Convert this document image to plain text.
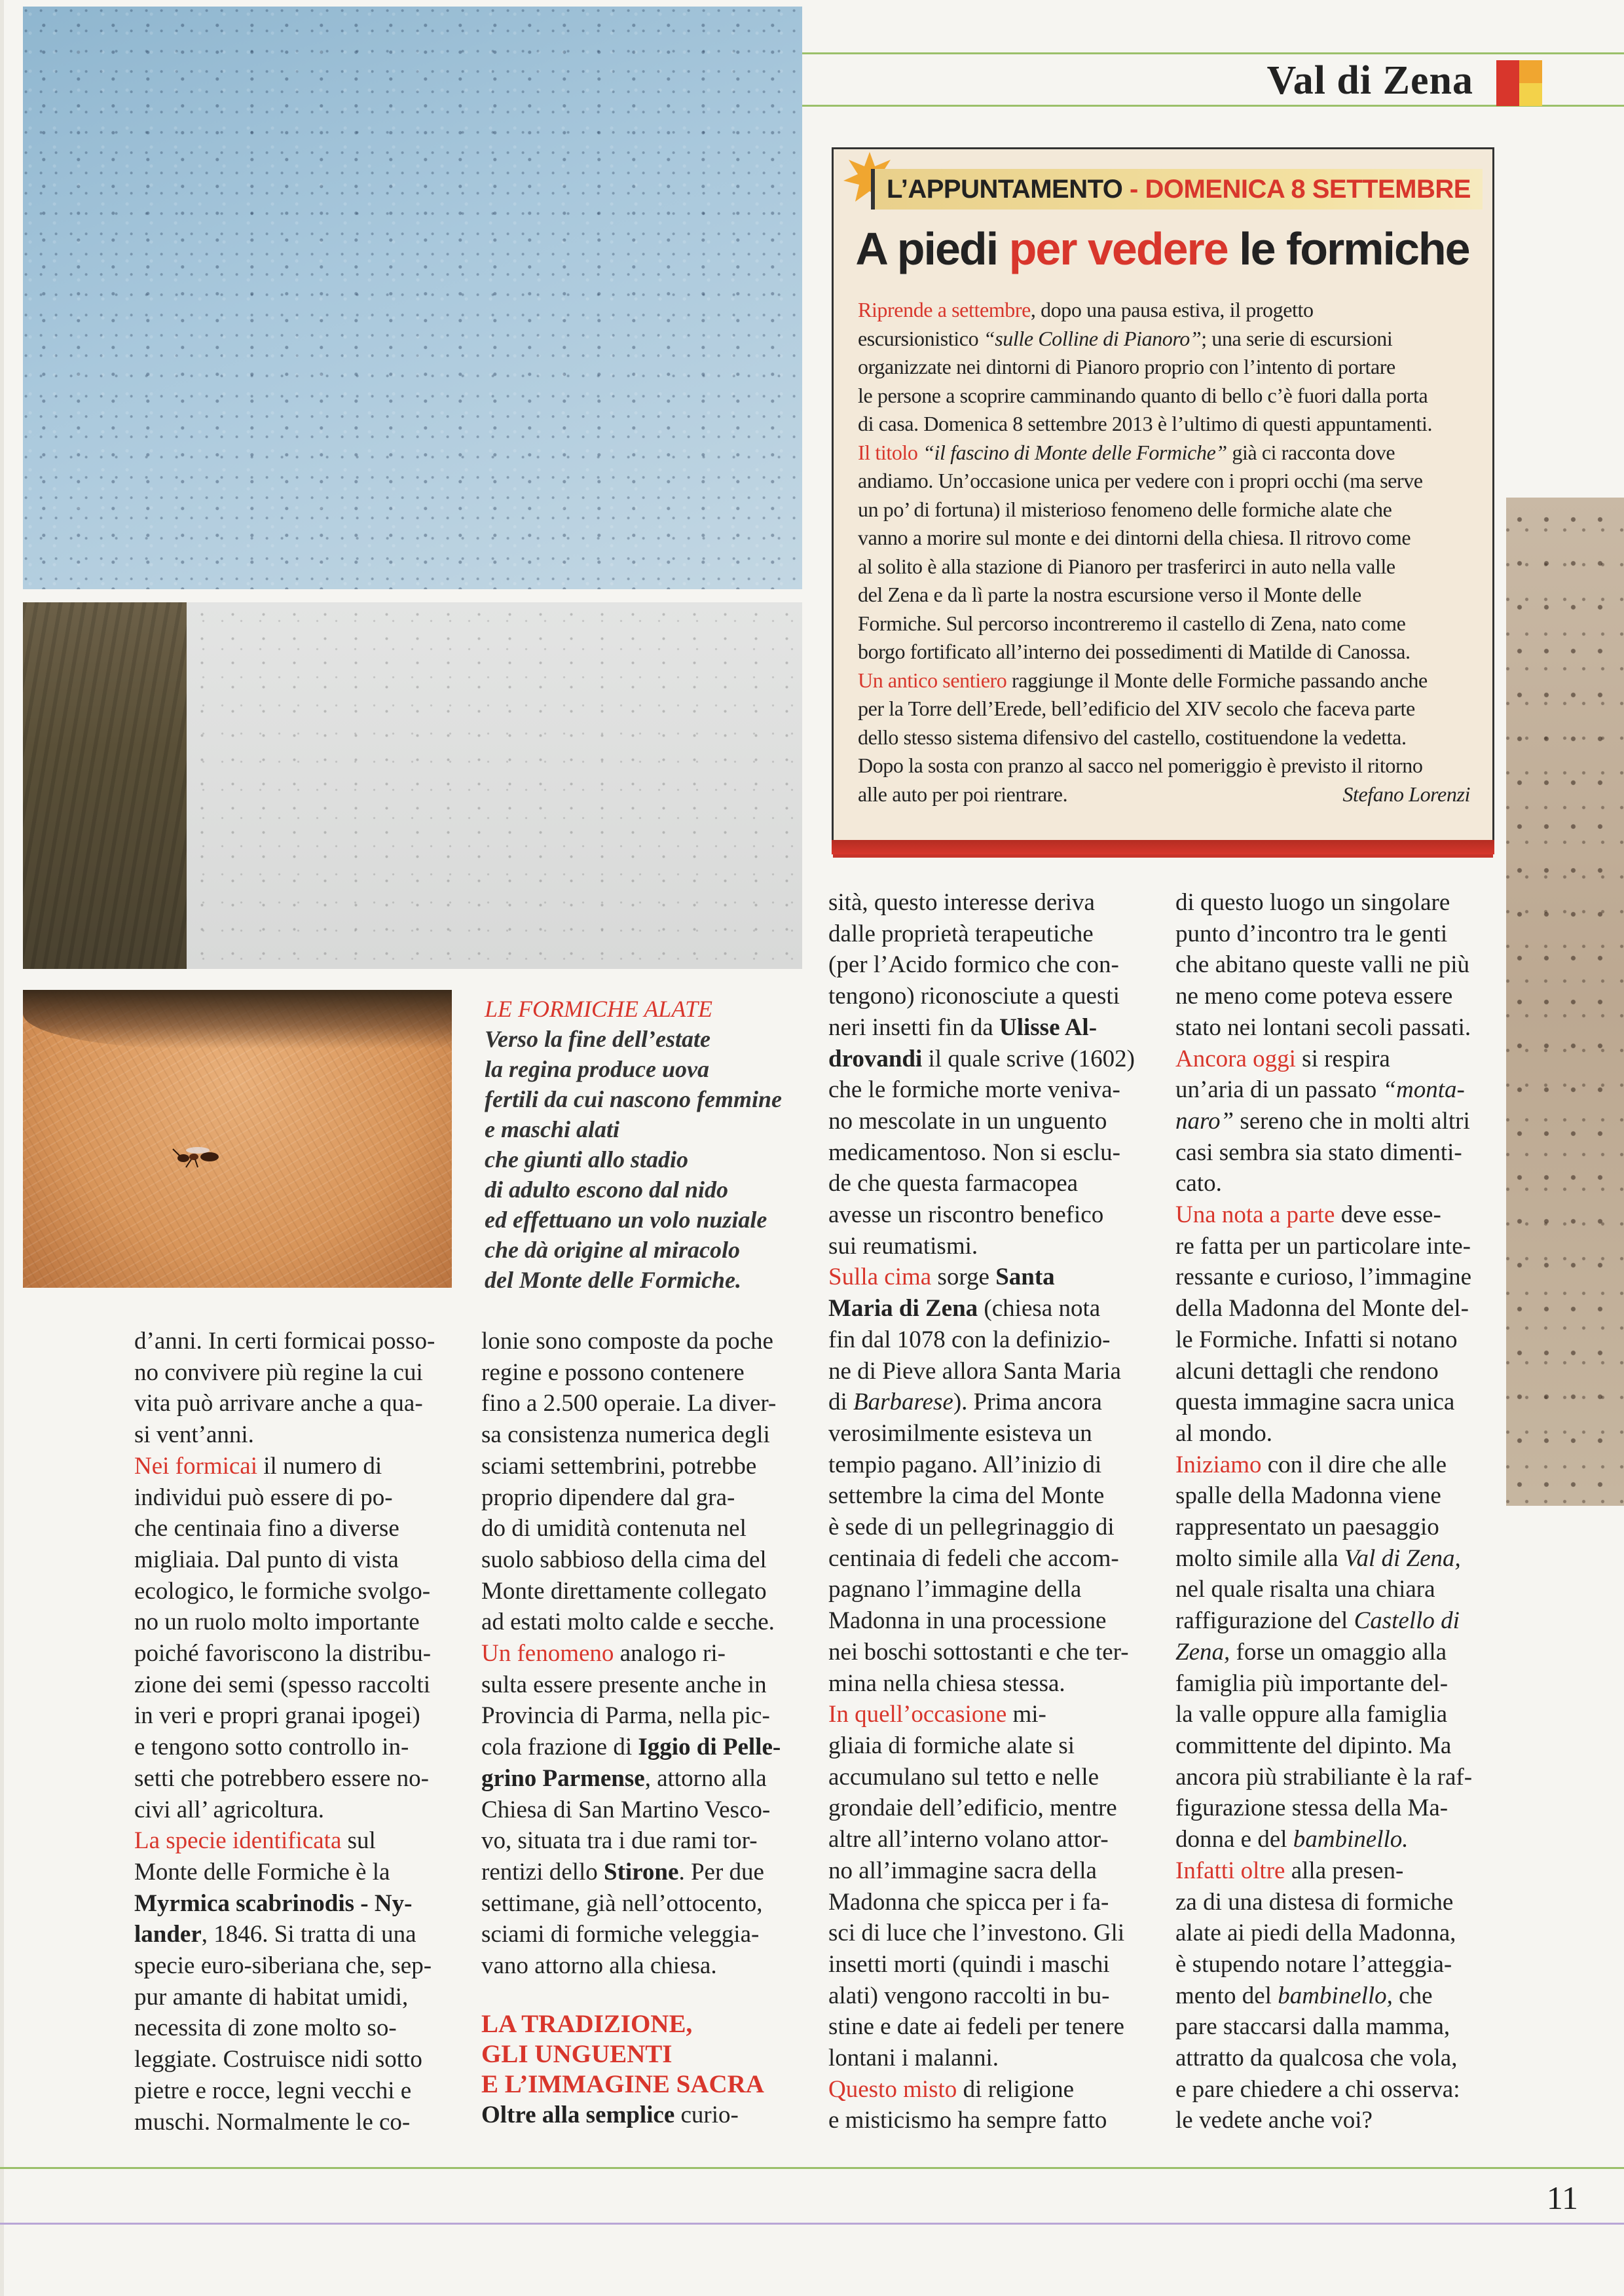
Val di Zena
L’APPUNTAMENTO - DOMENICA 8 SETTEMBRE
A piedi per vedere le formiche
Riprende a settembre, dopo una pausa estiva, il progetto
escursionistico “sulle Colline di Pianoro”; una serie di escursioni
organizzate nei dintorni di Pianoro proprio con l’intento di portare
le persone a scoprire camminando quanto di bello c’è fuori dalla porta
di casa. Domenica 8 settembre 2013 è l’ultimo di questi appuntamenti.
Il titolo “il fascino di Monte delle Formiche” già ci racconta dove
andiamo. Un’occasione unica per vedere con i propri occhi (ma serve
un po’ di fortuna) il misterioso fenomeno delle formiche alate che
vanno a morire sul monte e dei dintorni della chiesa. Il ritrovo come
al solito è alla stazione di Pianoro per trasferirci in auto nella valle
del Zena e da lì parte la nostra escursione verso il Monte delle
Formiche. Sul percorso incontreremo il castello di Zena, nato come
borgo fortificato all’interno dei possedimenti di Matilde di Canossa.
Un antico sentiero raggiunge il Monte delle Formiche passando anche
per la Torre dell’Erede, bell’edificio del XIV secolo che faceva parte
dello stesso sistema difensivo del castello, costituendone la vedetta.
Dopo la sosta con pranzo al sacco nel pomeriggio è previsto il ritorno
alle auto per poi rientrare.	Stefano Lorenzi
LE FORMICHE ALATE
Verso la fine dell’estate
la regina produce uova
fertili da cui nascono femmine
e maschi alati
che giunti allo stadio
di adulto escono dal nido
ed effettuano un volo nuziale
che dà origine al miracolo
del Monte delle Formiche.
d’anni. In certi formicai posso-
no convivere più regine la cui
vita può arrivare anche a qua-
si vent’anni.
Nei formicai il numero di
individui può essere di po-
che centinaia fino a diverse
migliaia. Dal punto di vista
ecologico, le formiche svolgo-
no un ruolo molto importante
poiché favoriscono la distribu-
zione dei semi (spesso raccolti
in veri e propri granai ipogei)
e tengono sotto controllo in-
setti che potrebbero essere no-
civi all’ agricoltura.
La specie identificata sul
Monte delle Formiche è la
Myrmica scabrinodis - Ny-
lander, 1846. Si tratta di una
specie euro-siberiana che, sep-
pur amante di habitat umidi,
necessita di zone molto so-
leggiate. Costruisce nidi sotto
pietre e rocce, legni vecchi e
muschi. Normalmente le co-
lonie sono composte da poche
regine e possono contenere
fino a 2.500 operaie. La diver-
sa consistenza numerica degli
sciami settembrini, potrebbe
proprio dipendere dal gra-
do di umidità contenuta nel
suolo sabbioso della cima del
Monte direttamente collegato
ad estati molto calde e secche.
Un fenomeno analogo ri-
sulta essere presente anche in
Provincia di Parma, nella pic-
cola frazione di Iggio di Pelle-
grino Parmense, attorno alla
Chiesa di San Martino Vesco-
vo, situata tra i due rami tor-
rentizi dello Stirone. Per due
settimane, già nell’ottocento,
sciami di formiche veleggia-
vano attorno alla chiesa.
LA TRADIZIONE,
GLI UNGUENTI
E L’IMMAGINE SACRA
Oltre alla semplice curio-
sità, questo interesse deriva
dalle proprietà terapeutiche
(per l’Acido formico che con-
tengono) riconosciute a questi
neri insetti fin da Ulisse Al-
drovandi il quale scrive (1602)
che le formiche morte veniva-
no mescolate in un unguento
medicamentoso. Non si esclu-
de che questa farmacopea
avesse un riscontro benefico
sui reumatismi.
Sulla cima sorge Santa
Maria di Zena (chiesa nota
fin dal 1078 con la definizio-
ne di Pieve allora Santa Maria
di Barbarese). Prima ancora
verosimilmente esisteva un
tempio pagano. All’inizio di
settembre la cima del Monte
è sede di un pellegrinaggio di
centinaia di fedeli che accom-
pagnano l’immagine della
Madonna in una processione
nei boschi sottostanti e che ter-
mina nella chiesa stessa.
In quell’occasione mi-
gliaia di formiche alate si
accumulano sul tetto e nelle
grondaie dell’edificio, mentre
altre all’interno volano attor-
no all’immagine sacra della
Madonna che spicca per i fa-
sci di luce che l’investono. Gli
insetti morti (quindi i maschi
alati) vengono raccolti in bu-
stine e date ai fedeli per tenere
lontani i malanni.
Questo misto di religione
e misticismo ha sempre fatto
di questo luogo un singolare
punto d’incontro tra le genti
che abitano queste valli ne più
ne meno come poteva essere
stato nei lontani secoli passati.
Ancora oggi si respira
un’aria di un passato “monta-
naro” sereno che in molti altri
casi sembra sia stato dimenti-
cato.
Una nota a parte deve esse-
re fatta per un particolare inte-
ressante e curioso, l’immagine
della Madonna del Monte del-
le Formiche. Infatti si notano
alcuni dettagli che rendono
questa immagine sacra unica
al mondo.
Iniziamo con il dire che alle
spalle della Madonna viene
rappresentato un paesaggio
molto simile alla Val di Zena,
nel quale risalta una chiara
raffigurazione del Castello di
Zena, forse un omaggio alla
famiglia più importante del-
la valle oppure alla famiglia
committente del dipinto. Ma
ancora più strabiliante è la raf-
figurazione stessa della Ma-
donna e del bambinello.
Infatti oltre alla presen-
za di una distesa di formiche
alate ai piedi della Madonna,
è stupendo notare l’atteggia-
mento del bambinello, che
pare staccarsi dalla mamma,
attratto da qualcosa che vola,
e pare chiedere a chi osserva:
le vedete anche voi?
11
